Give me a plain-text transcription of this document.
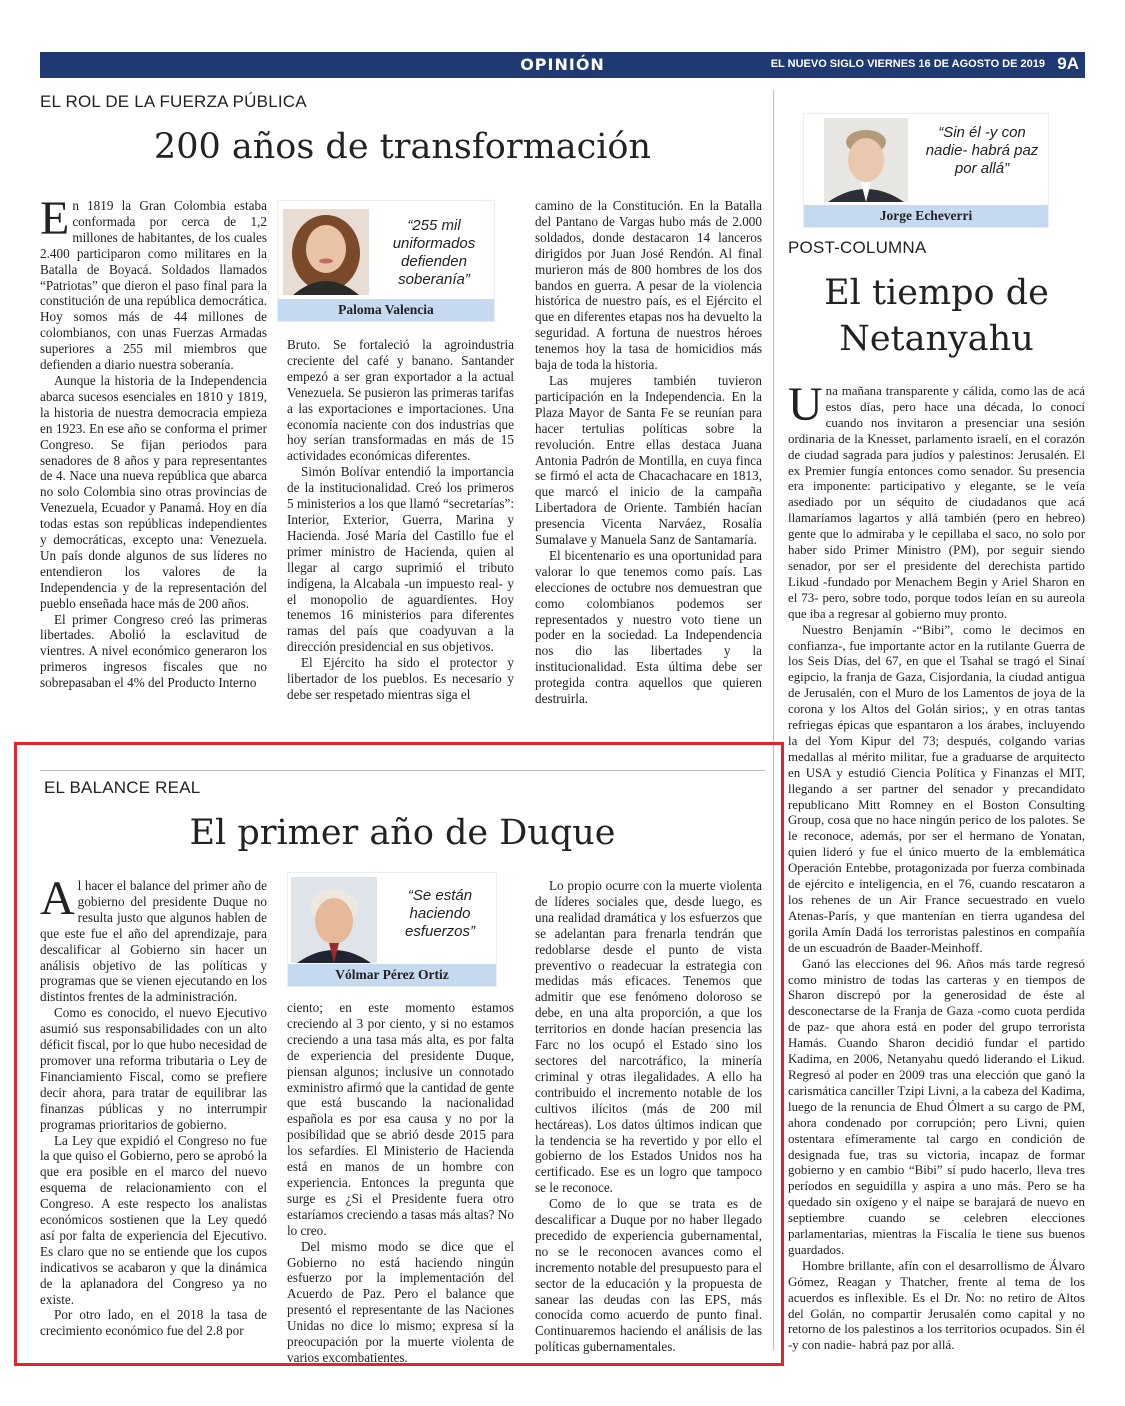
OPINIÓN	EL NUEVO SIGLO VIERNES 16 DE AGOSTO DE 2019 9A
EL ROL DE LA FUERZA PÚBLICA
200 años de transformación

En 1819 la Gran Colombia estaba conformada por cerca de 1,2 millones de habitantes, de los cuales 2.400 participaron como militares en la Batalla de Boyacá. Soldados llamados “Patriotas” que dieron el paso final para la constitución de una república democrática. Hoy somos más de 44 millones de colombianos, con unas Fuerzas Armadas superiores a 255 mil miembros que defienden a diario nuestra soberanía.

Aunque la historia de la Independencia abarca sucesos esenciales en 1810 y 1819, la historia de nuestra democracia empieza en 1923. En ese año se conforma el primer Congreso. Se fijan periodos para senadores de 8 años y para representantes de 4. Nace una nueva república que abarca no solo Colombia sino otras provincias de Venezuela, Ecuador y Panamá. Hoy en día todas estas son repúblicas independientes y democráticas, excepto una: Venezuela. Un país donde algunos de sus líderes no entendieron los valores de la Independencia y de la representación del pueblo enseñada hace más de 200 años.

El primer Congreso creó las primeras libertades. Abolió la esclavitud de vientres. A nivel económico generaron los primeros ingresos fiscales que no sobrepasaban el 4% del Producto Interno

“255 mil uniformados defienden soberanía”
Paloma Valencia

Bruto. Se fortaleció la agroindustria creciente del café y banano. Santander empezó a ser gran exportador a la actual Venezuela. Se pusieron las primeras tarifas a las exportaciones e importaciones. Una economía naciente con dos industrias que hoy serían transformadas en más de 15 actividades económicas diferentes.

Simón Bolívar entendió la importancia de la institucionalidad. Creó los primeros 5 ministerios a los que llamó “secretarías”: Interior, Exterior, Guerra, Marina y Hacienda. José María del Castillo fue el primer ministro de Hacienda, quien al llegar al cargo suprimió el tributo indígena, la Alcabala -un impuesto real- y el monopolio de aguardientes. Hoy tenemos 16 ministerios para diferentes ramas del país que coadyuvan a la dirección presidencial en sus objetivos.

El Ejército ha sido el protector y libertador de los pueblos. Es necesario y debe ser respetado mientras siga el

camino de la Constitución. En la Batalla del Pantano de Vargas hubo más de 2.000 soldados, donde destacaron 14 lanceros dirigidos por Juan José Rendón. Al final murieron más de 800 hombres de los dos bandos en guerra. A pesar de la violencia histórica de nuestro país, es el Ejército el que en diferentes etapas nos ha devuelto la seguridad. A fortuna de nuestros héroes tenemos hoy la tasa de homicidios más baja de toda la historia.

Las mujeres también tuvieron participación en la Independencia. En la Plaza Mayor de Santa Fe se reunían para hacer tertulias políticas sobre la revolución. Entre ellas destaca Juana Antonia Padrón de Montilla, en cuya finca se firmó el acta de Chacachacare en 1813, que marcó el inicio de la campaña Libertadora de Oriente. También hacían presencia Vicenta Narváez, Rosalía Sumalave y Manuela Sanz de Santamaría.

El bicentenario es una oportunidad para valorar lo que tenemos como país. Las elecciones de octubre nos demuestran que como colombianos podemos ser representados y nuestro voto tiene un poder en la sociedad. La Independencia nos dio las libertades y la institucionalidad. Esta última debe ser protegida contra aquellos que quieren destruirla.

EL BALANCE REAL
El primer año de Duque

Al hacer el balance del primer año de gobierno del presidente Duque no resulta justo que algunos hablen de que este fue el año del aprendizaje, para descalificar al Gobierno sin hacer un análisis objetivo de las políticas y programas que se vienen ejecutando en los distintos frentes de la administración.

Como es conocido, el nuevo Ejecutivo asumió sus responsabilidades con un alto déficit fiscal, por lo que hubo necesidad de promover una reforma tributaria o Ley de Financiamiento Fiscal, como se prefiere decir ahora, para tratar de equilibrar las finanzas públicas y no interrumpir programas prioritarios de gobierno.

La Ley que expidió el Congreso no fue la que quiso el Gobierno, pero se aprobó la que era posible en el marco del nuevo esquema de relacionamiento con el Congreso. A este respecto los analistas económicos sostienen que la Ley quedó así por falta de experiencia del Ejecutivo. Es claro que no se entiende que los cupos indicativos se acabaron y que la dinámica de la aplanadora del Congreso ya no existe.

Por otro lado, en el 2018 la tasa de crecimiento económico fue del 2.8 por

“Se están haciendo esfuerzos”
Vólmar Pérez Ortiz

ciento; en este momento estamos creciendo al 3 por ciento, y si no estamos creciendo a una tasa más alta, es por falta de experiencia del presidente Duque, piensan algunos; inclusive un connotado exministro afirmó que la cantidad de gente que está buscando la nacionalidad española es por esa causa y no por la posibilidad que se abrió desde 2015 para los sefardíes. El Ministerio de Hacienda está en manos de un hombre con experiencia. Entonces la pregunta que surge es ¿Si el Presidente fuera otro estaríamos creciendo a tasas más altas? No lo creo.

Del mismo modo se dice que el Gobierno no está haciendo ningún esfuerzo por la implementación del Acuerdo de Paz. Pero el balance que presentó el representante de las Naciones Unidas no dice lo mismo; expresa sí la preocupación por la muerte violenta de varios excombatientes.

Lo propio ocurre con la muerte violenta de líderes sociales que, desde luego, es una realidad dramática y los esfuerzos que se adelantan para frenarla tendrán que redoblarse desde el punto de vista preventivo o readecuar la estrategia con medidas más eficaces. Tenemos que admitir que ese fenómeno doloroso se debe, en una alta proporción, a que los territorios en donde hacían presencia las Farc no los ocupó el Estado sino los sectores del narcotráfico, la minería criminal y otras ilegalidades. A ello ha contribuido el incremento notable de los cultivos ilícitos (más de 200 mil hectáreas). Los datos últimos indican que la tendencia se ha revertido y por ello el gobierno de los Estados Unidos nos ha certificado. Ese es un logro que tampoco se le reconoce.

Como de lo que se trata es de descalificar a Duque por no haber llegado precedido de experiencia gubernamental, no se le reconocen avances como el incremento notable del presupuesto para el sector de la educación y la propuesta de sanear las deudas con las EPS, más conocida como acuerdo de punto final. Continuaremos haciendo el análisis de las políticas gubernamentales.

“Sin él -y con nadie- habrá paz por allá”
Jorge Echeverri
POST-COLUMNA
El tiempo de Netanyahu

Una mañana transparente y cálida, como las de acá estos días, pero hace una década, lo conocí cuando nos invitaron a presenciar una sesión ordinaria de la Knesset, parlamento israelí, en el corazón de ciudad sagrada para judíos y palestinos: Jerusalén. El ex Premier fungía entonces como senador. Su presencia era imponente: participativo y elegante, se le veía asediado por un séquito de ciudadanos que acá llamaríamos lagartos y allá también (pero en hebreo) gente que lo admiraba y le cepillaba el saco, no solo por haber sido Primer Ministro (PM), por seguir siendo senador, por ser el presidente del derechista partido Likud -fundado por Menachem Begin y Ariel Sharon en el 73- pero, sobre todo, porque todos leían en su aureola que iba a regresar al gobierno muy pronto.

Nuestro Benjamín -“Bibi”, como le decimos en confianza-, fue importante actor en la rutilante Guerra de los Seis Días, del 67, en que el Tsahal se tragó el Sinaí egipcio, la franja de Gaza, Cisjordania, la ciudad antigua de Jerusalén, con el Muro de los Lamentos de joya de la corona y los Altos del Golán sirios;, y en otras tantas refriegas épicas que espantaron a los árabes, incluyendo la del Yom Kipur del 73; después, colgando varias medallas al mérito militar, fue a graduarse de arquitecto en USA y estudió Ciencia Política y Finanzas el MIT, llegando a ser partner del senador y precandidato republicano Mitt Romney en el Boston Consulting Group, cosa que no hace ningún perico de los palotes. Se le reconoce, además, por ser el hermano de Yonatan, quien lideró y fue el único muerto de la emblemática Operación Entebbe, protagonizada por fuerza combinada de ejército e inteligencia, en el 76, cuando rescataron a los rehenes de un Air France secuestrado en vuelo Atenas-París, y que mantenían en tierra ugandesa del gorila Amín Dadá los terroristas palestinos en compañía de un escuadrón de Baader-Meinhoff.

Ganó las elecciones del 96. Años más tarde regresó como ministro de todas las carteras y en tiempos de Sharon discrepó por la generosidad de éste al desconectarse de la Franja de Gaza -como cuota perdida de paz- que ahora está en poder del grupo terrorista Hamás. Cuando Sharon decidió fundar el partido Kadima, en 2006, Netanyahu quedó liderando el Likud. Regresó al poder en 2009 tras una elección que ganó la carismática canciller Tzipi Livni, a la cabeza del Kadima, luego de la renuncia de Ehud Ólmert a su cargo de PM, ahora condenado por corrupción; pero Livni, quien ostentara efímeramente tal cargo en condición de designada fue, tras su victoria, incapaz de formar gobierno y en cambio “Bibi” sí pudo hacerlo, lleva tres períodos en seguidilla y aspira a uno más. Pero se ha quedado sin oxígeno y el naipe se barajará de nuevo en septiembre cuando se celebren elecciones parlamentarias, mientras la Fiscalía le tiene sus buenos guardados.

Hombre brillante, afín con el desarrollismo de Álvaro Gómez, Reagan y Thatcher, frente al tema de los acuerdos es inflexible. Es el Dr. No: no retiro de Altos del Golán, no compartir Jerusalén como capital y no retorno de los palestinos a los territorios ocupados. Sin él -y con nadie- habrá paz por allá.
